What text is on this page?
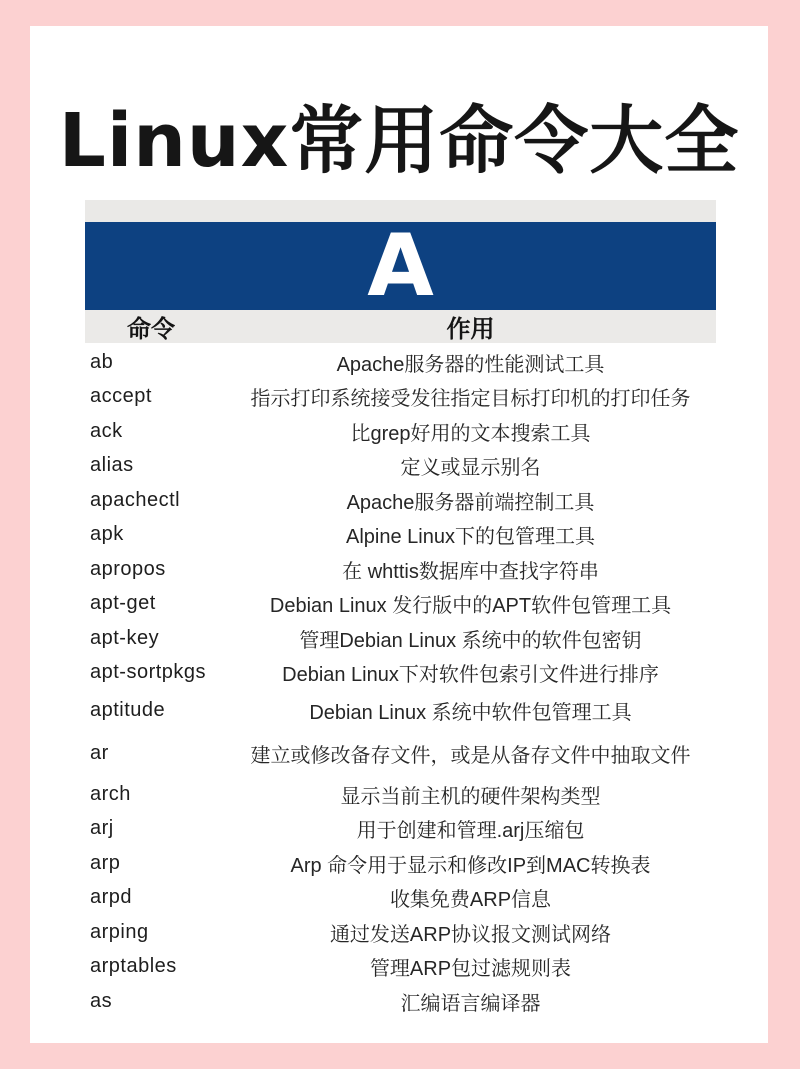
Linux常用命令大全
A
命令	作用
ab	Apache服务器的性能测试工具
accept	指示打印系统接受发往指定目标打印机的打印任务
ack	比grep好用的文本搜索工具
alias	定义或显示别名
apachectl	Apache服务器前端控制工具
apk	Alpine Linux下的包管理工具
apropos	在 whttis数据库中查找字符串
apt-get	Debian Linux 发行版中的APT软件包管理工具
apt-key	管理Debian Linux 系统中的软件包密钥
apt-sortpkgs	Debian Linux下对软件包索引文件进行排序
aptitude	Debian Linux 系统中软件包管理工具
ar	建立或修改备存文件，或是从备存文件中抽取文件
arch	显示当前主机的硬件架构类型
arj	用于创建和管理.arj压缩包
arp	Arp 命令用于显示和修改IP到MAC转换表
arpd	收集免费ARP信息
arping	通过发送ARP协议报文测试网络
arptables	管理ARP包过滤规则表
as	汇编语言编译器
